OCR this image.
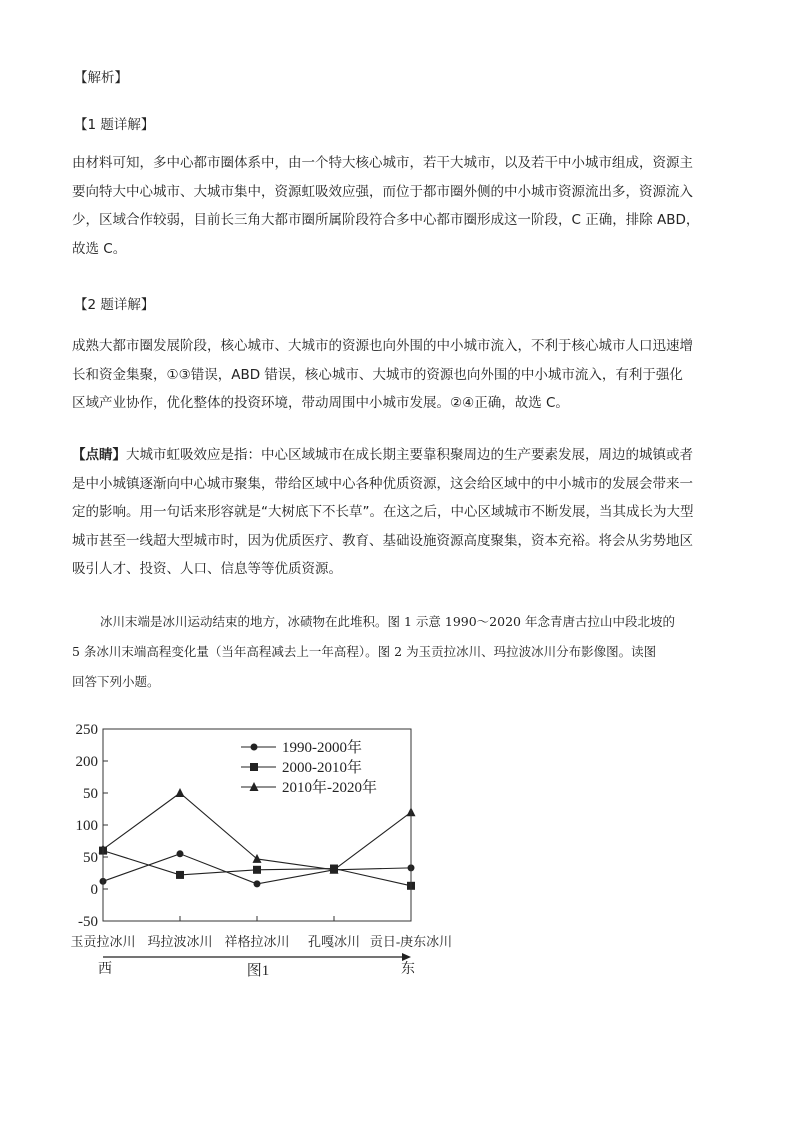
【解析】
【1 题详解】
由材料可知，多中心都市圈体系中，由一个特大核心城市，若干大城市，以及若干中小城市组成，资源主
要向特大中心城市、大城市集中，资源虹吸效应强，而位于都市圈外侧的中小城市资源流出多，资源流入
少，区域合作较弱，目前长三角大都市圈所属阶段符合多中心都市圈形成这一阶段，C 正确，排除 ABD，
故选 C。
【2 题详解】
成熟大都市圈发展阶段，核心城市、大城市的资源也向外围的中小城市流入，不利于核心城市人口迅速增
长和资金集聚，①③错误，ABD 错误，核心城市、大城市的资源也向外围的中小城市流入，有利于强化
区域产业协作，优化整体的投资环境，带动周围中小城市发展。②④正确，故选 C。
【点睛】大城市虹吸效应是指：中心区域城市在成长期主要靠积聚周边的生产要素发展，周边的城镇或者
是中小城镇逐渐向中心城市聚集，带给区域中心各种优质资源，这会给区域中的中小城市的发展会带来一
定的影响。用一句话来形容就是“大树底下不长草”。在这之后，中心区域城市不断发展，当其成长为大型
城市甚至一线超大型城市时，因为优质医疗、教育、基础设施资源高度聚集，资本充裕。将会从劣势地区
吸引人才、投资、人口、信息等等优质资源。
冰川末端是冰川运动结束的地方，冰碛物在此堆积。图 1 示意 1990～2020 年念青唐古拉山中段北坡的
5 条冰川末端高程变化量（当年高程减去上一年高程）。图 2 为玉贡拉冰川、玛拉波冰川分布影像图。读图
回答下列小题。
250
200
50
100
50
0
-50
玉贡拉冰川 玛拉波冰川 祥格拉冰川 孔嘎冰川 贡日-庚东冰川
1990-2000年
2000-2010年
2010年-2020年
西	东
图1
